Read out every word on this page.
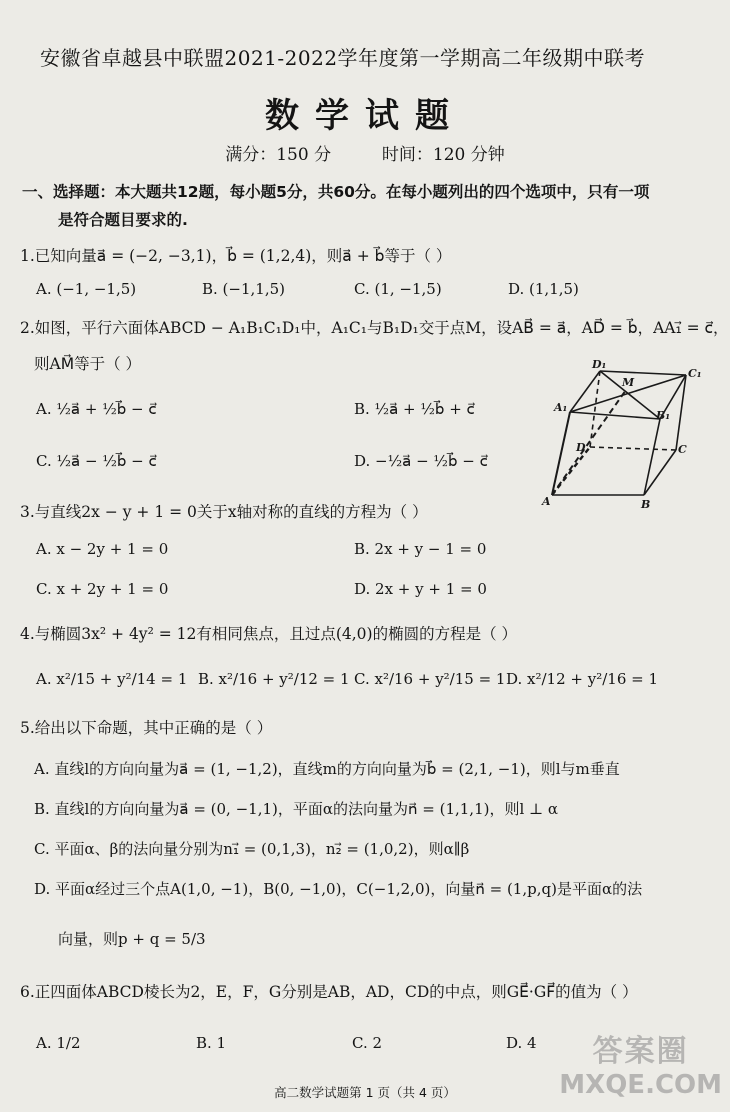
安徽省卓越县中联盟2021-2022学年度第一学期高二年级期中联考
数学试题
满分：150 分	时间：120 分钟
一、选择题：本大题共12题，每小题5分，共60分。在每小题列出的四个选项中，只有一项
是符合题目要求的.
1.已知向量a⃗ = (−2, −3,1)，b⃗ = (1,2,4)，则a⃗ + b⃗等于（ ）
A. (−1, −1,5)	B. (−1,1,5)	C. (1, −1,5)	D. (1,1,5)
2.如图，平行六面体ABCD − A₁B₁C₁D₁中，A₁C₁与B₁D₁交于点M，设AB⃗ = a⃗，AD⃗ = b⃗，AA₁⃗ = c⃗，
则AM⃗等于（ ）
A. ½a⃗ + ½b⃗ − c⃗	B. ½a⃗ + ½b⃗ + c⃗
C. ½a⃗ − ½b⃗ − c⃗	D. −½a⃗ − ½b⃗ − c⃗
D₁
M
C₁
A₁
B₁
D	C
A	B
3.与直线2x − y + 1 = 0关于x轴对称的直线的方程为（ ）
A. x − 2y + 1 = 0	B. 2x + y − 1 = 0
C. x + 2y + 1 = 0	D. 2x + y + 1 = 0
4.与椭圆3x² + 4y² = 12有相同焦点，且过点(4,0)的椭圆的方程是（ ）
A. x²/15 + y²/14 = 1 B. x²/16 + y²/12 = 1 C. x²/16 + y²/15 = 1 D. x²/12 + y²/16 = 1
5.给出以下命题，其中正确的是（ ）
A. 直线l的方向向量为a⃗ = (1, −1,2)，直线m的方向向量为b⃗ = (2,1, −1)，则l与m垂直
B. 直线l的方向向量为a⃗ = (0, −1,1)，平面α的法向量为n⃗ = (1,1,1)，则l ⊥ α
C. 平面α、β的法向量分别为n₁⃗ = (0,1,3)，n₂⃗ = (1,0,2)，则α∥β
D. 平面α经过三个点A(1,0, −1)，B(0, −1,0)，C(−1,2,0)，向量n⃗ = (1,p,q)是平面α的法
向量，则p + q = 5/3
6.正四面体ABCD棱长为2，E，F，G分别是AB，AD，CD的中点，则GE⃗·GF⃗的值为（ ）
A. 1/2	B. 1	C. 2	D. 4
高二数学试题第 1 页（共 4 页）
答案圈
MXQE.COM
